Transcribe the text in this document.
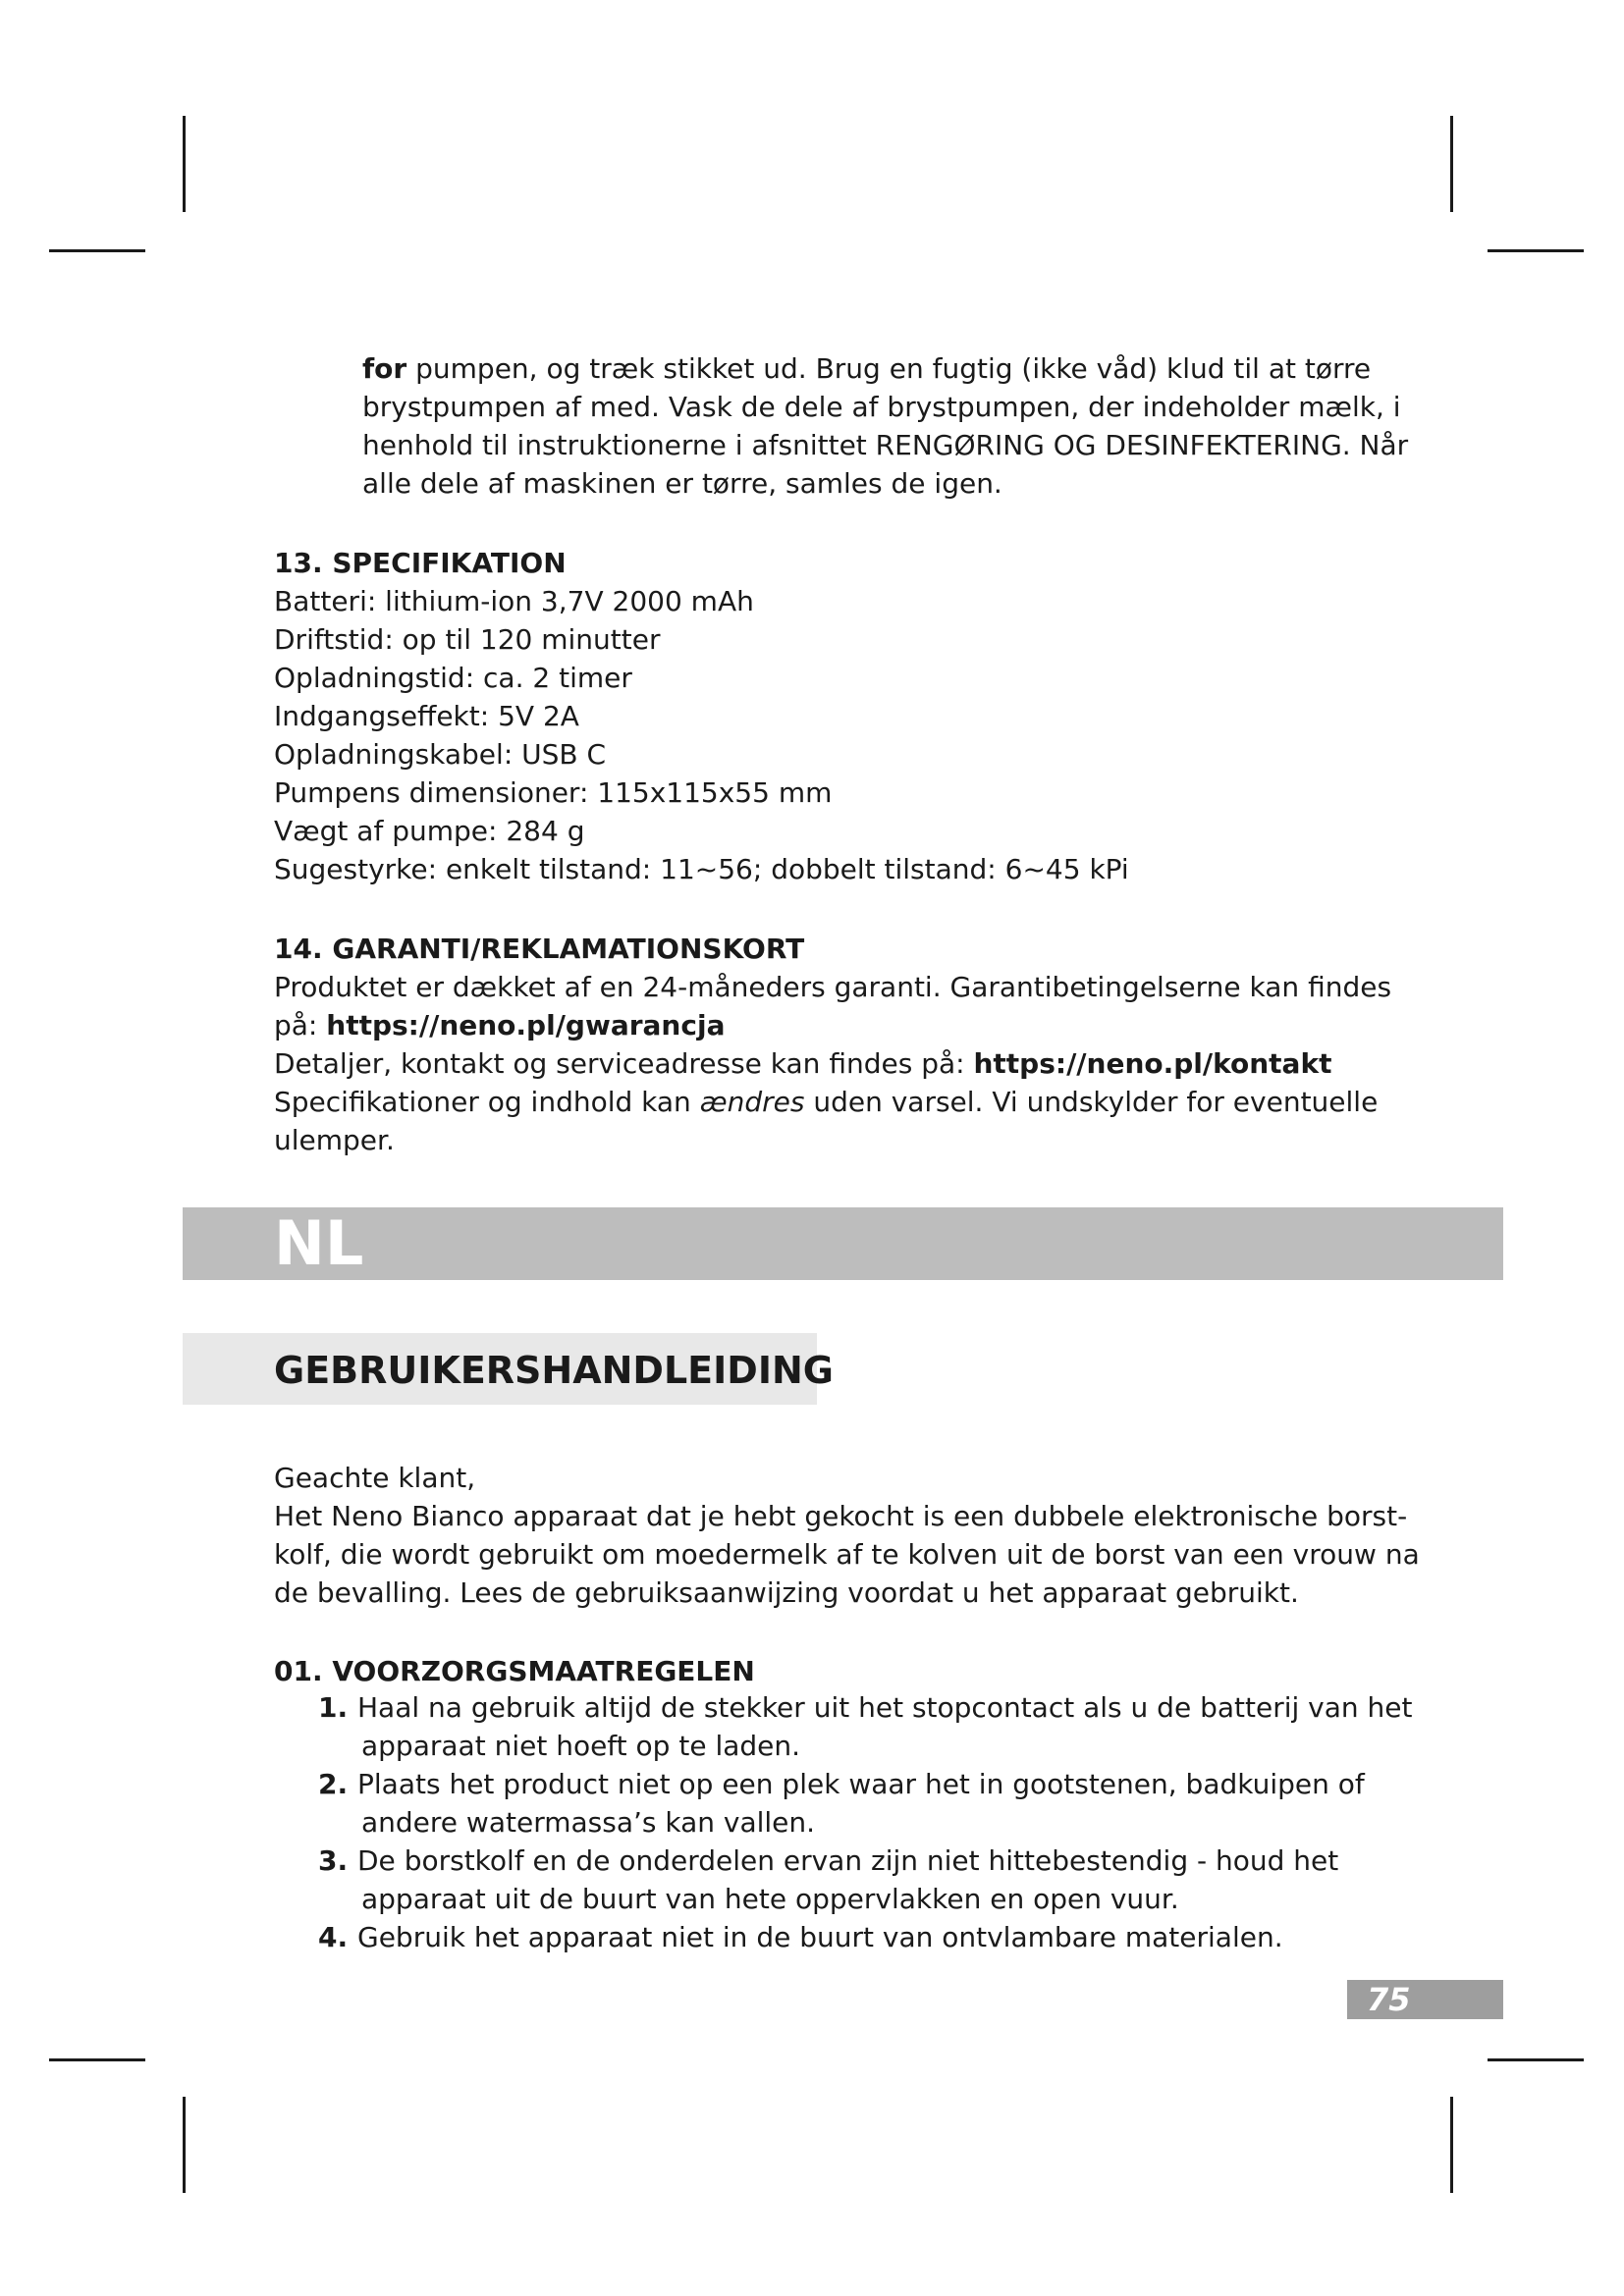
for pumpen, og træk stikket ud. Brug en fugtig (ikke våd) klud til at tørre
brystpumpen af med. Vask de dele af brystpumpen, der indeholder mælk, i
henhold til instruktionerne i afsnittet RENGØRING OG DESINFEKTERING. Når
alle dele af maskinen er tørre, samles de igen.
13. SPECIFIKATION
Batteri: lithium-ion 3,7V 2000 mAh
Driftstid: op til 120 minutter
Opladningstid: ca. 2 timer
Indgangseffekt: 5V 2A
Opladningskabel: USB C
Pumpens dimensioner: 115x115x55 mm
Vægt af pumpe: 284 g
Sugestyrke: enkelt tilstand: 11~56; dobbelt tilstand: 6~45 kPi
14. GARANTI/REKLAMATIONSKORT
Produktet er dækket af en 24-måneders garanti. Garantibetingelserne kan findes
på: https://neno.pl/gwarancja
Detaljer, kontakt og serviceadresse kan findes på: https://neno.pl/kontakt
Specifikationer og indhold kan ændres uden varsel. Vi undskylder for eventuelle
ulemper.
NL
GEBRUIKERSHANDLEIDING
Geachte klant,
Het Neno Bianco apparaat dat je hebt gekocht is een dubbele elektronische borst-
kolf, die wordt gebruikt om moedermelk af te kolven uit de borst van een vrouw na
de bevalling. Lees de gebruiksaanwijzing voordat u het apparaat gebruikt.
01. VOORZORGSMAATREGELEN
1. Haal na gebruik altijd de stekker uit het stopcontact als u de batterij van het
apparaat niet hoeft op te laden.
2. Plaats het product niet op een plek waar het in gootstenen, badkuipen of
andere watermassa’s kan vallen.
3. De borstkolf en de onderdelen ervan zijn niet hittebestendig - houd het
apparaat uit de buurt van hete oppervlakken en open vuur.
4. Gebruik het apparaat niet in de buurt van ontvlambare materialen.
75
